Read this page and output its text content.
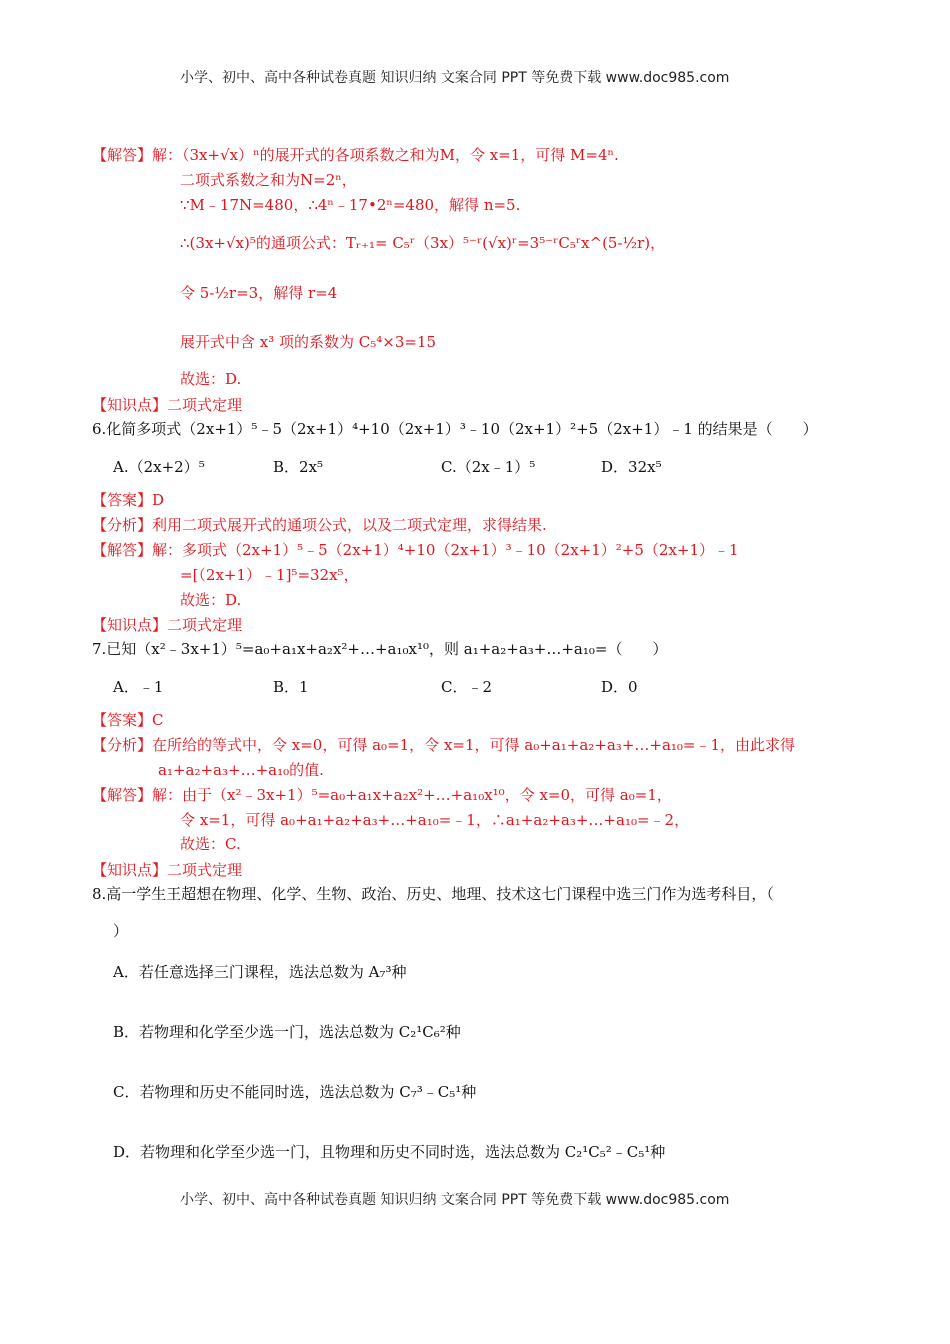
小学、初中、高中各种试卷真题 知识归纳 文案合同 PPT 等免费下载 www.doc985.com
【解答】解：（3x+√x）ⁿ的展开式的各项系数之和为M，令 x=1，可得 M=4ⁿ.
二项式系数之和为N=2ⁿ，
∵M﹣17N=480，∴4ⁿ﹣17•2ⁿ=480，解得 n=5.
∴(3x+√x)⁵的通项公式：Tᵣ₊₁= C₅ʳ（3x）⁵⁻ʳ(√x)ʳ=3⁵⁻ʳC₅ʳx^(5-½r)，
令 5-½r=3，解得 r=4
展开式中含 x³ 项的系数为 C₅⁴×3=15
故选：D.
【知识点】二项式定理
6.化简多项式（2x+1）⁵﹣5（2x+1）⁴+10（2x+1）³﹣10（2x+1）²+5（2x+1）﹣1 的结果是（　　）
A.（2x+2）⁵	B．2x⁵	C.（2x﹣1）⁵	D．32x⁵
【答案】D
【分析】利用二项式展开式的通项公式，以及二项式定理，求得结果.
【解答】解：多项式（2x+1）⁵﹣5（2x+1）⁴+10（2x+1）³﹣10（2x+1）²+5（2x+1）﹣1
=[（2x+1）﹣1]⁵=32x⁵，
故选：D.
【知识点】二项式定理
7.已知（x²﹣3x+1）⁵=a₀+a₁x+a₂x²+…+a₁₀x¹⁰，则 a₁+a₂+a₃+…+a₁₀=（　　）
A．﹣1	B．1	C．﹣2	D．0
【答案】C
【分析】在所给的等式中，令 x=0，可得 a₀=1，令 x=1，可得 a₀+a₁+a₂+a₃+…+a₁₀=﹣1，由此求得
a₁+a₂+a₃+…+a₁₀的值.
【解答】解：由于（x²﹣3x+1）⁵=a₀+a₁x+a₂x²+…+a₁₀x¹⁰，令 x=0，可得 a₀=1，
令 x=1，可得 a₀+a₁+a₂+a₃+…+a₁₀=﹣1，∴a₁+a₂+a₃+…+a₁₀=﹣2，
故选：C.
【知识点】二项式定理
8.高一学生王超想在物理、化学、生物、政治、历史、地理、技术这七门课程中选三门作为选考科目，（
）
A．若任意选择三门课程，选法总数为 A₇³种
B．若物理和化学至少选一门，选法总数为 C₂¹C₆²种
C．若物理和历史不能同时选，选法总数为 C₇³﹣C₅¹种
D．若物理和化学至少选一门，且物理和历史不同时选，选法总数为 C₂¹C₅²﹣C₅¹种
小学、初中、高中各种试卷真题 知识归纳 文案合同 PPT 等免费下载 www.doc985.com
